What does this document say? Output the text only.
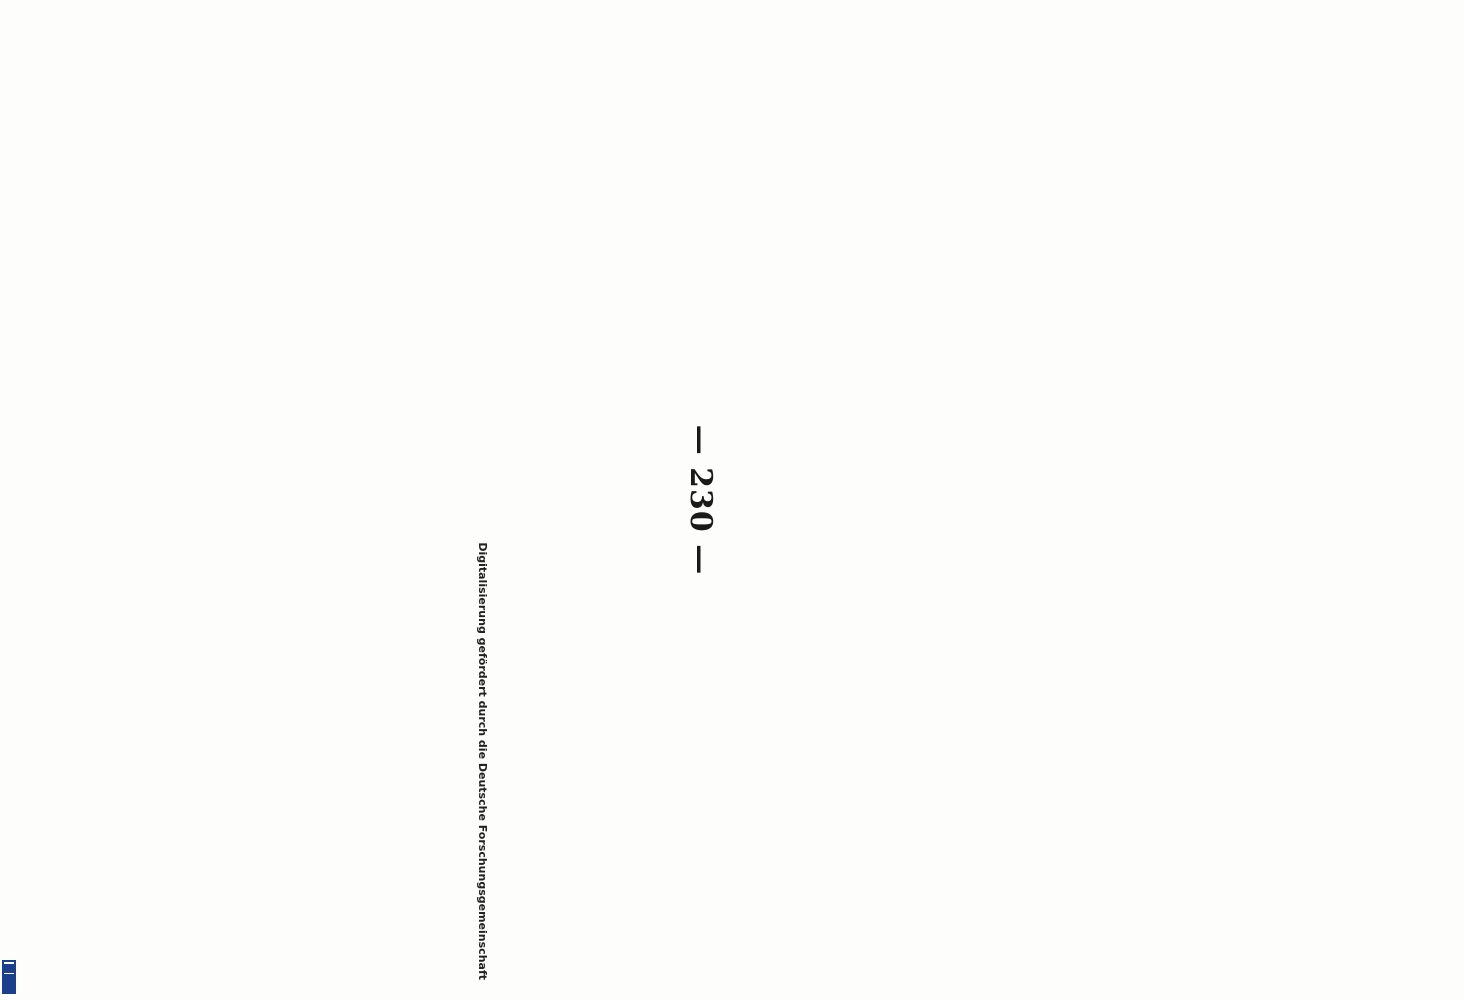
— 230 —
Digitalisierung gefördert durch die Deutsche Forschungsgemeinschaft
